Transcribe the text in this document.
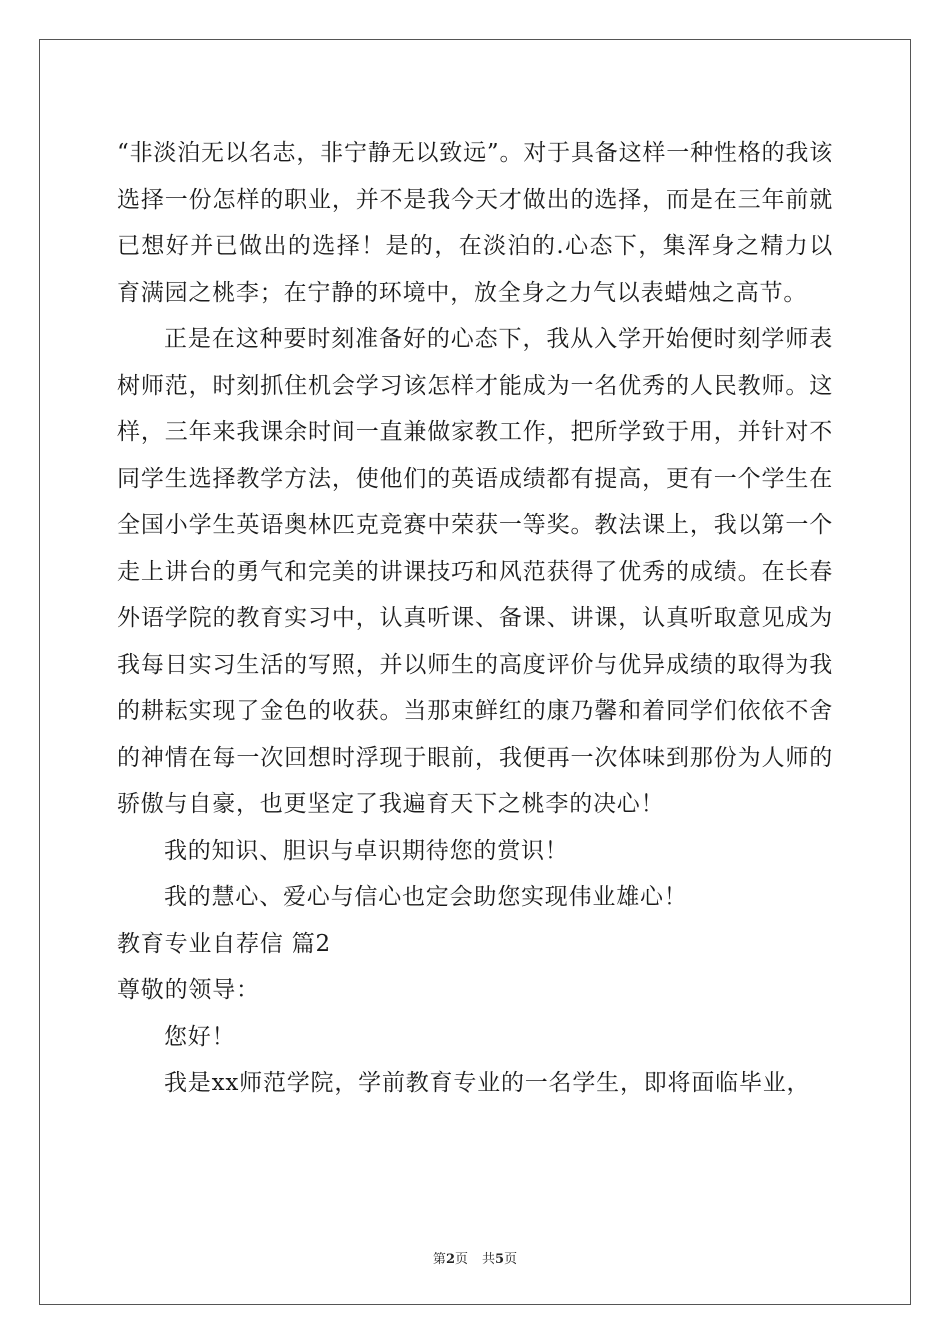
“非淡泊无以名志，非宁静无以致远”。对于具备这样一种性格的我该选择一份怎样的职业，并不是我今天才做出的选择，而是在三年前就已想好并已做出的选择！是的，在淡泊的.心态下，集浑身之精力以育满园之桃李；在宁静的环境中，放全身之力气以表蜡烛之高节。

正是在这种要时刻准备好的心态下，我从入学开始便时刻学师表树师范，时刻抓住机会学习该怎样才能成为一名优秀的人民教师。这样，三年来我课余时间一直兼做家教工作，把所学致于用，并针对不同学生选择教学方法，使他们的英语成绩都有提高，更有一个学生在全国小学生英语奥林匹克竞赛中荣获一等奖。教法课上，我以第一个走上讲台的勇气和完美的讲课技巧和风范获得了优秀的成绩。在长春外语学院的教育实习中，认真听课、备课、讲课，认真听取意见成为我每日实习生活的写照，并以师生的高度评价与优异成绩的取得为我的耕耘实现了金色的收获。当那束鲜红的康乃馨和着同学们依依不舍的神情在每一次回想时浮现于眼前，我便再一次体味到那份为人师的骄傲与自豪，也更坚定了我遍育天下之桃李的决心！

我的知识、胆识与卓识期待您的赏识！

我的慧心、爱心与信心也定会助您实现伟业雄心！

教育专业自荐信 篇2

尊敬的领导：

您好！

我是xx师范学院，学前教育专业的一名学生，即将面临毕业，

第2页 共5页
